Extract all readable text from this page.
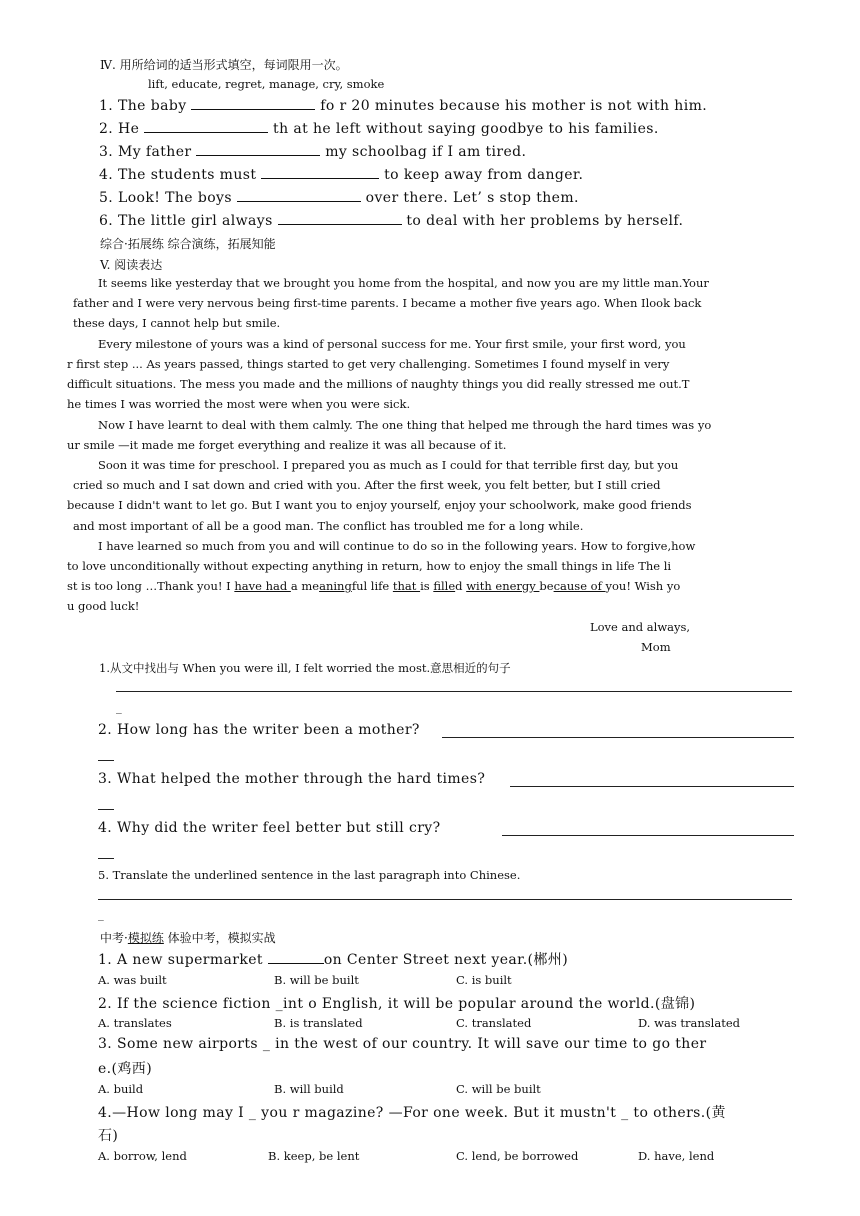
Ⅳ. 用所给词的适当形式填空，每词限用一次。
lift, educate, regret, manage, cry, smoke
1. The baby	fo r 20 minutes because his mother is not with him.
2. He	th at he left without saying goodbye to his families.
3. My father	my schoolbag if I am tired.
4. The students must	to keep away from danger.
5. Look! The boys	over there. Let’ s stop them.
6. The little girl always	to deal with her problems by herself.
综合·拓展练 综合演练，拓展知能
V. 阅读表达
It seems like yesterday that we brought you home from the hospital, and now you are my little man.Your
father and I were very nervous being first-time parents. I became a mother five years ago. When Ilook back
these days, I cannot help but smile.
Every milestone of yours was a kind of personal success for me. Your first smile, your first word, you
r first step ... As years passed, things started to get very challenging. Sometimes I found myself in very
difficult situations. The mess you made and the millions of naughty things you did really stressed me out.T
he times I was worried the most were when you were sick.
Now I have learnt to deal with them calmly. The one thing that helped me through the hard times was yo
ur smile —it made me forget everything and realize it was all because of it.
Soon it was time for preschool. I prepared you as much as I could for that terrible first day, but you
cried so much and I sat down and cried with you. After the first week, you felt better, but I still cried
because I didn't want to let go. But I want you to enjoy yourself, enjoy your schoolwork, make good friends
and most important of all be a good man. The conflict has troubled me for a long while.
I have learned so much from you and will continue to do so in the following years. How to forgive,how
to love unconditionally without expecting anything in return, how to enjoy the small things in life The li
st is too long …Thank you! I have had a meaningful life that is filled with energy because of you! Wish yo
u good luck!
Love and always,
Mom
1.从文中找出与 When you were ill, I felt worried the most.意思相近的句子
_
2. How long has the writer been a mother?
3. What helped the mother through the hard times?
4. Why did the writer feel better but still cry?
5. Translate the underlined sentence in the last paragraph into Chinese.
_
中考·模拟练 体验中考，模拟实战
1. A new supermarket	on Center Street next year.(郴州)
A. was built	B. will be built	C. is built
2. If the science fiction _int o English, it will be popular around the world.(盘锦)
A. translates	B. is translated	C. translated	D. was translated
3. Some new airports _ in the west of our country. It will save our time to go ther
e.(鸡西)
A. build	B. will build	C. will be built
4.—How long may I _ you r magazine? —For one week. But it mustn't _ to others.(黄
石)
A. borrow, lend	B. keep, be lent	C. lend, be borrowed	D. have, lend
